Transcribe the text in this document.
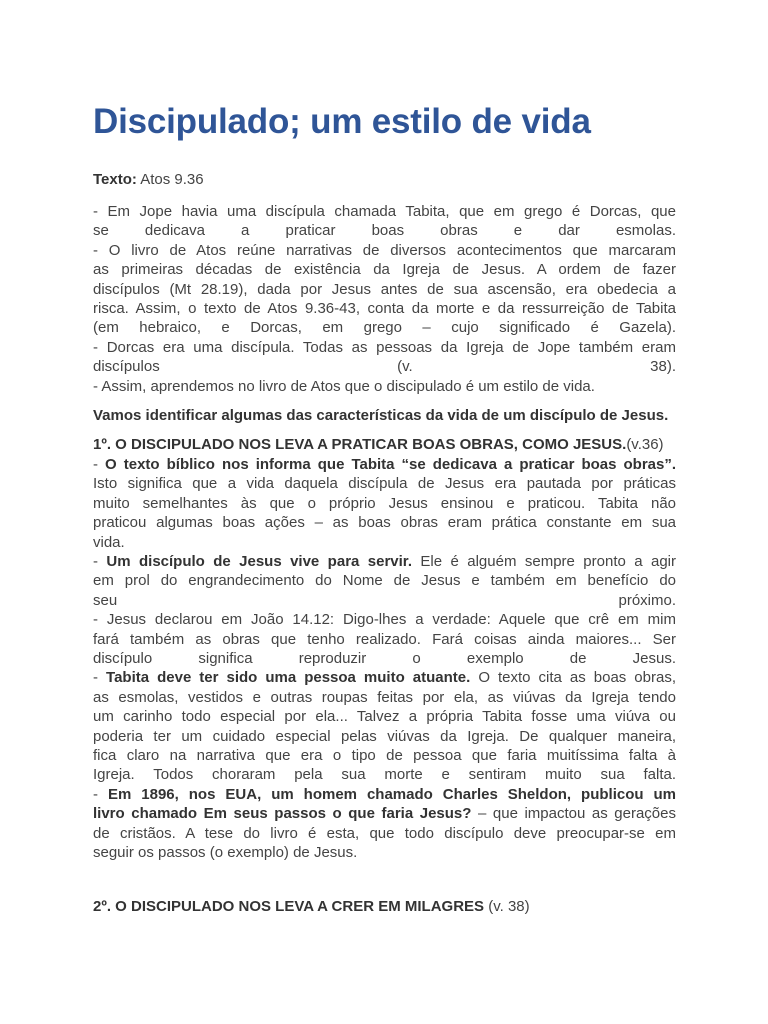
Discipulado; um estilo de vida

Texto: Atos 9.36

- Em Jope havia uma discípula chamada Tabita, que em grego é Dorcas, que

se dedicava a praticar boas obras e dar esmolas.

- O livro de Atos reúne narrativas de diversos acontecimentos que marcaram

as primeiras décadas de existência da Igreja de Jesus. A ordem de fazer

discípulos (Mt 28.19), dada por Jesus antes de sua ascensão, era obedecia a

risca. Assim, o texto de Atos 9.36-43, conta da morte e da ressurreição de Tabita

(em hebraico, e Dorcas, em grego – cujo significado é Gazela).

- Dorcas era uma discípula. Todas as pessoas da Igreja de Jope também eram

discípulos (v. 38).

- Assim, aprendemos no livro de Atos que o discipulado é um estilo de vida.

Vamos identificar algumas das características da vida de um discípulo de Jesus.

1º. O DISCIPULADO NOS LEVA A PRATICAR BOAS OBRAS, COMO JESUS.(v.36)

- O texto bíblico nos informa que Tabita “se dedicava a praticar boas obras”.

Isto significa que a vida daquela discípula de Jesus era pautada por práticas

muito semelhantes às que o próprio Jesus ensinou e praticou. Tabita não

praticou algumas boas ações – as boas obras eram prática constante em sua

vida.

- Um discípulo de Jesus vive para servir. Ele é alguém sempre pronto a agir

em prol do engrandecimento do Nome de Jesus e também em benefício do

seu próximo.

- Jesus declarou em João 14.12: Digo-lhes a verdade: Aquele que crê em mim

fará também as obras que tenho realizado. Fará coisas ainda maiores... Ser

discípulo significa reproduzir o exemplo de Jesus.

- Tabita deve ter sido uma pessoa muito atuante. O texto cita as boas obras,

as esmolas, vestidos e outras roupas feitas por ela, as viúvas da Igreja tendo

um carinho todo especial por ela... Talvez a própria Tabita fosse uma viúva ou

poderia ter um cuidado especial pelas viúvas da Igreja. De qualquer maneira,

fica claro na narrativa que era o tipo de pessoa que faria muitíssima falta à

Igreja. Todos choraram pela sua morte e sentiram muito sua falta.

- Em 1896, nos EUA, um homem chamado Charles Sheldon, publicou um

livro chamado Em seus passos o que faria Jesus? – que impactou as gerações

de cristãos. A tese do livro é esta, que todo discípulo deve preocupar-se em

seguir os passos (o exemplo) de Jesus.

2º. O DISCIPULADO NOS LEVA A CRER EM MILAGRES (v. 38)
